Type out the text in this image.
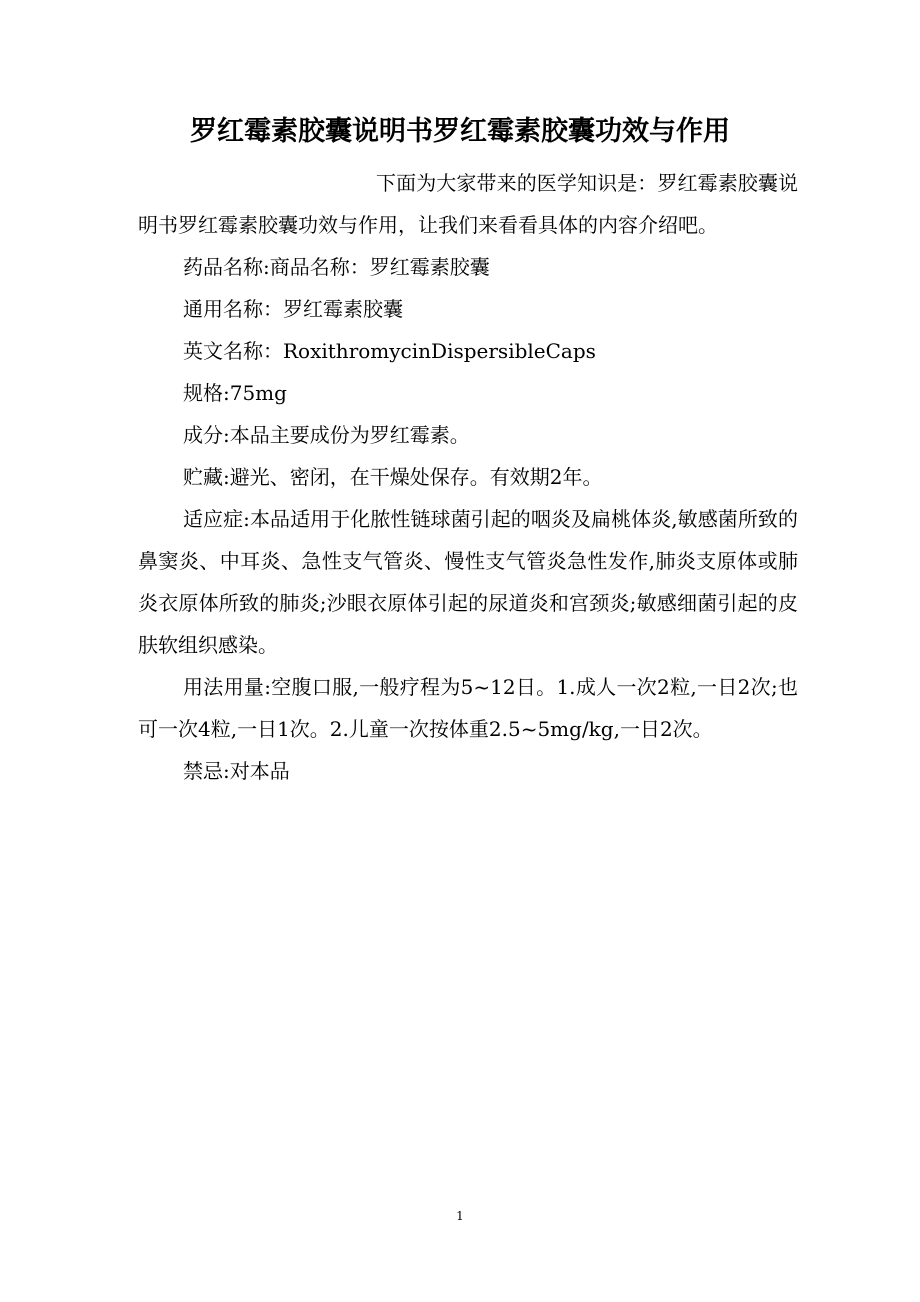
罗红霉素胶囊说明书罗红霉素胶囊功效与作用

下面为大家带来的医学知识是：罗红霉素胶囊说明书罗红霉素胶囊功效与作用，让我们来看看具体的内容介绍吧。

药品名称:商品名称：罗红霉素胶囊

通用名称：罗红霉素胶囊

英文名称：RoxithromycinDispersibleCaps

规格:75mg

成分:本品主要成份为罗红霉素。

贮藏:避光、密闭，在干燥处保存。有效期2年。

适应症:本品适用于化脓性链球菌引起的咽炎及扁桃体炎,敏感菌所致的鼻窦炎、中耳炎、急性支气管炎、慢性支气管炎急性发作,肺炎支原体或肺炎衣原体所致的肺炎;沙眼衣原体引起的尿道炎和宫颈炎;敏感细菌引起的皮肤软组织感染。

用法用量:空腹口服,一般疗程为5~12日。1.成人一次2粒,一日2次;也可一次4粒,一日1次。2.儿童一次按体重2.5~5mg/kg,一日2次。

禁忌:对本品

1
